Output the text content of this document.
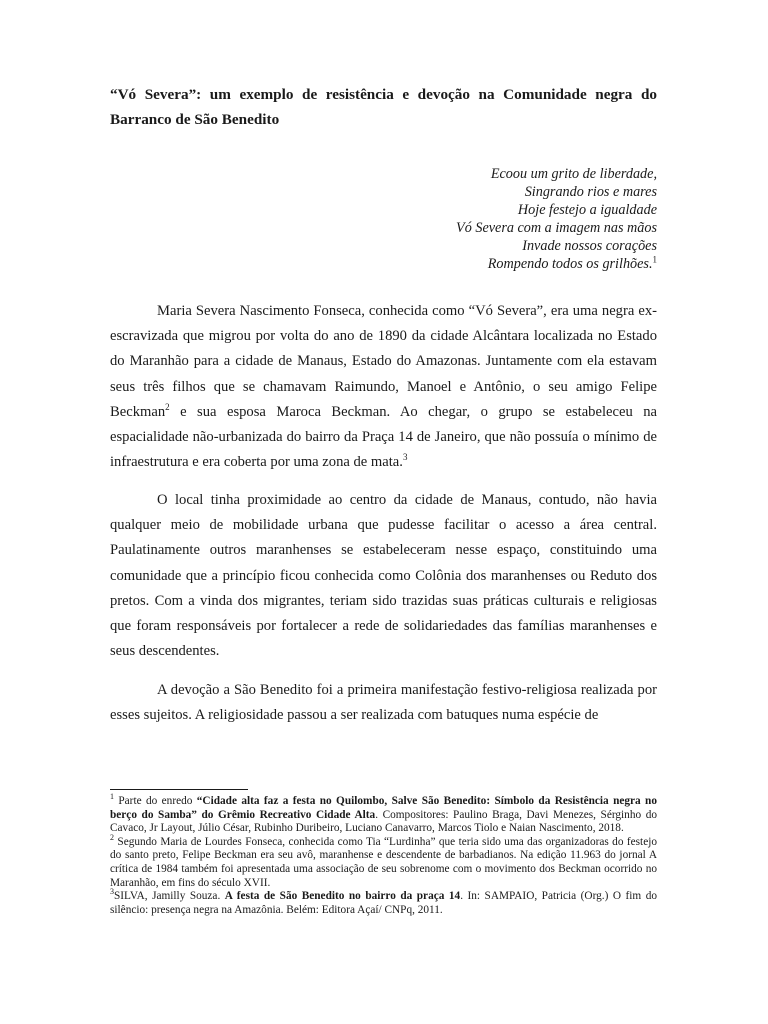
“Vó Severa”: um exemplo de resistência e devoção na Comunidade negra do Barranco de São Benedito
Ecoou um grito de liberdade,
Singrando rios e mares
Hoje festejo a igualdade
Vó Severa com a imagem nas mãos
Invade nossos corações
Rompendo todos os grilhões.$^1$

Maria Severa Nascimento Fonseca, conhecida como “Vó Severa”, era uma negra ex-escravizada que migrou por volta do ano de 1890 da cidade Alcântara localizada no Estado do Maranhão para a cidade de Manaus, Estado do Amazonas. Juntamente com ela estavam seus três filhos que se chamavam Raimundo, Manoel e Antônio, o seu amigo Felipe Beckman$^2$ e sua esposa Maroca Beckman. Ao chegar, o grupo se estabeleceu na espacialidade não-urbanizada do bairro da Praça 14 de Janeiro, que não possuía o mínimo de infraestrutura e era coberta por uma zona de mata.$^3$

O local tinha proximidade ao centro da cidade de Manaus, contudo, não havia qualquer meio de mobilidade urbana que pudesse facilitar o acesso a área central. Paulatinamente outros maranhenses se estabeleceram nesse espaço, constituindo uma comunidade que a princípio ficou conhecida como Colônia dos maranhenses ou Reduto dos pretos. Com a vinda dos migrantes, teriam sido trazidas suas práticas culturais e religiosas que foram responsáveis por fortalecer a rede de solidariedades das famílias maranhenses e seus descendentes.

A devoção a São Benedito foi a primeira manifestação festivo-religiosa realizada por esses sujeitos. A religiosidade passou a ser realizada com batuques numa espécie de

$^1$ Parte do enredo “Cidade alta faz a festa no Quilombo, Salve São Benedito: Símbolo da Resistência negra no berço do Samba” do Grêmio Recreativo Cidade Alta. Compositores: Paulino Braga, Davi Menezes, Sérginho do Cavaco, Jr Layout, Júlio César, Rubinho Duribeiro, Luciano Canavarro, Marcos Tiolo e Naian Nascimento, 2018.

$^2$ Segundo Maria de Lourdes Fonseca, conhecida como Tia “Lurdinha” que teria sido uma das organizadoras do festejo do santo preto, Felipe Beckman era seu avô, maranhense e descendente de barbadianos. Na edição 11.963 do jornal A crítica de 1984 também foi apresentada uma associação de seu sobrenome com o movimento dos Beckman ocorrido no Maranhão, em fins do século XVII.

$^3$SILVA, Jamilly Souza. A festa de São Benedito no bairro da praça 14. In: SAMPAIO, Patricia (Org.) O fim do silêncio: presença negra na Amazônia. Belém: Editora Açaí/ CNPq, 2011.
